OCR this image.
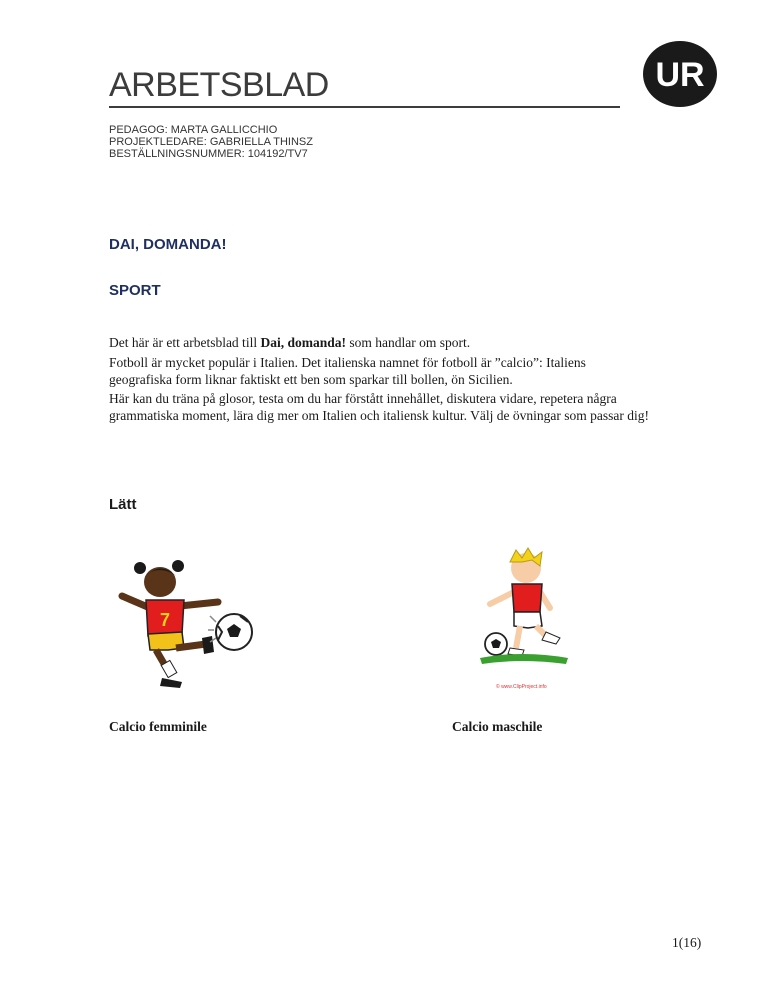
ARBETSBLAD	UR
PEDAGOG: MARTA GALLICCHIO
PROJEKTLEDARE: GABRIELLA THINSZ
BESTÄLLNINGSNUMMER: 104192/TV7
DAI, DOMANDA!
SPORT
Det här är ett arbetsblad till Dai, domanda! som handlar om sport.
Fotboll är mycket populär i Italien. Det italienska namnet för fotboll är ”calcio”: Italiens geografiska form liknar faktiskt ett ben som sparkar till bollen, ön Sicilien.
Här kan du träna på glosor, testa om du har förstått innehållet, diskutera vidare, repetera några grammatiska moment, lära dig mer om Italien och italiensk kultur. Välj de övningar som passar dig!
Lätt
7
© www.ClipProject.info
Calcio femminile	Calcio maschile
1(16)
